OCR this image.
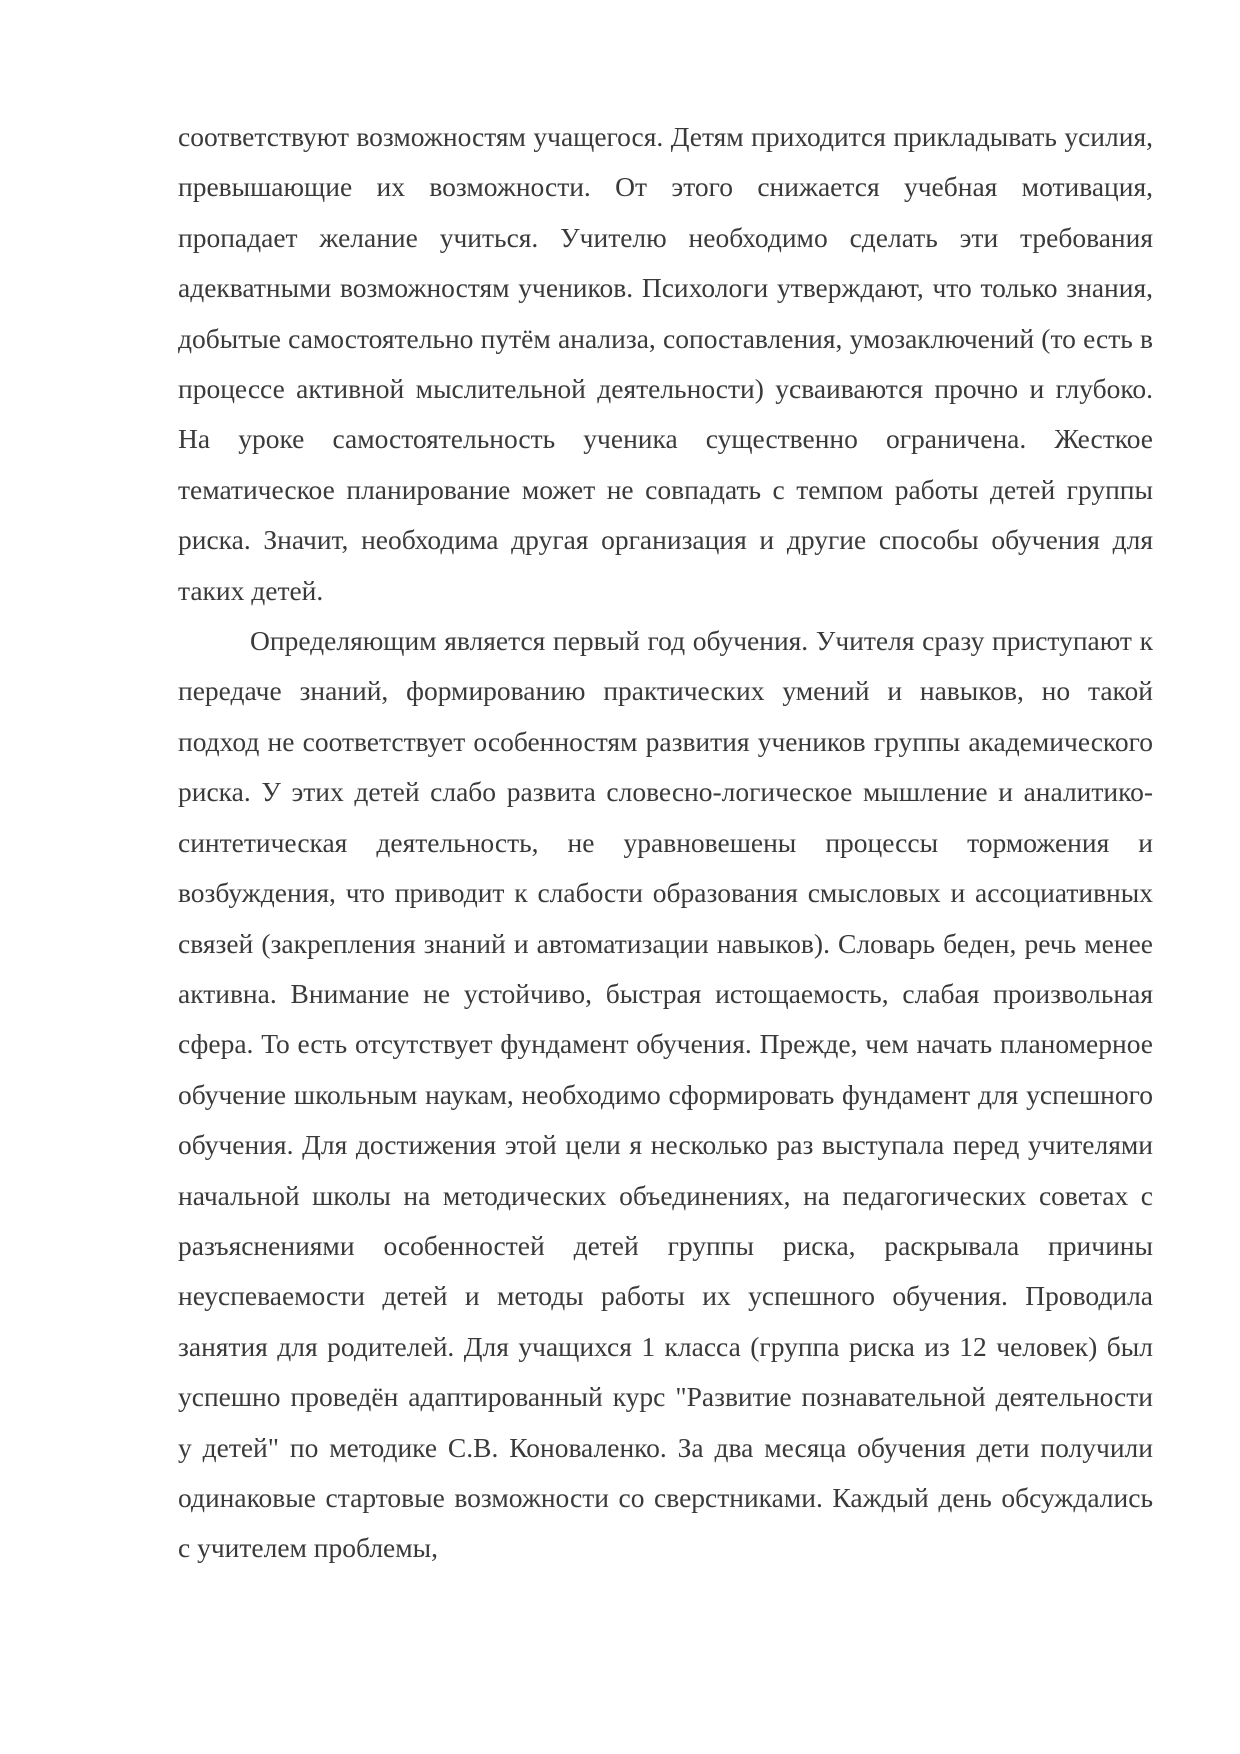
соответствуют возможностям учащегося. Детям приходится прикладывать усилия, превышающие их возможности. От этого снижается учебная мотивация, пропадает желание учиться. Учителю необходимо сделать эти требования адекватными возможностям учеников. Психологи утверждают, что только знания, добытые самостоятельно путём анализа, сопоставления, умозаключений (то есть в процессе активной мыслительной деятельности) усваиваются прочно и глубоко. На уроке самостоятельность ученика существенно ограничена. Жесткое тематическое планирование может не совпадать с темпом работы детей группы риска. Значит, необходима другая организация и другие способы обучения для таких детей.

Определяющим является первый год обучения. Учителя сразу приступают к передаче знаний, формированию практических умений и навыков, но такой подход не соответствует особенностям развития учеников группы академического риска. У этих детей слабо развита словесно-логическое мышление и аналитико-синтетическая деятельность, не уравновешены процессы торможения и возбуждения, что приводит к слабости образования смысловых и ассоциативных связей (закрепления знаний и автоматизации навыков). Словарь беден, речь менее активна. Внимание не устойчиво, быстрая истощаемость, слабая произвольная сфера. То есть отсутствует фундамент обучения. Прежде, чем начать планомерное обучение школьным наукам, необходимо сформировать фундамент для успешного обучения. Для достижения этой цели я несколько раз выступала перед учителями начальной школы на методических объединениях, на педагогических советах с разъяснениями особенностей детей группы риска, раскрывала причины неуспеваемости детей и методы работы их успешного обучения. Проводила занятия для родителей. Для учащихся 1 класса (группа риска из 12 человек) был успешно проведён адаптированный курс "Развитие познавательной деятельности у детей" по методике С.В. Коноваленко. За два месяца обучения дети получили одинаковые стартовые возможности со сверстниками. Каждый день обсуждались с учителем проблемы,
